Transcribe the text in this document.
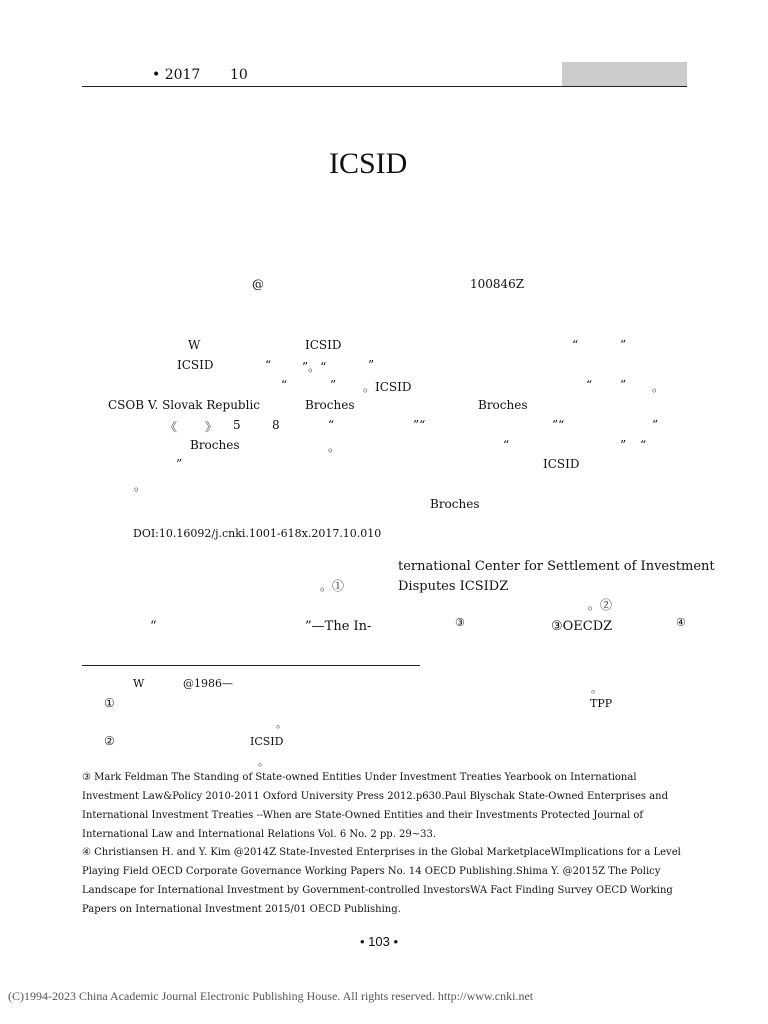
• 2017 10
ICSID
@	100846Z
W	ICSID	“	”
ICSID	“	”。“	”
“	” 。ICSID	“ ” 。
CSOB V. Slovak Republic	Broches	Broches
《 》 5	8	“	”“	”“	”
Broches	。	“	” “
”	ICSID
。
Broches
DOI:10.16092/j.cnki.1001-618x.2017.10.010
ternational Center for Settlement of Investment
。①	Disputes ICSIDZ
。②
“	”—The In-	③	③OECDZ	④
W	@1986—	。
①	TPP
。
②	ICSID
。
③ Mark Feldman The Standing of State-owned Entities Under Investment Treaties Yearbook on International Investment Law&Policy 2010-2011 Oxford University Press 2012.p630.Paul Blyschak State-Owned Enterprises and International Investment Treaties --When are State-Owned Entities and their Investments Protected Journal of International Law and International Relations Vol. 6 No. 2 pp. 29~33.
④ Christiansen H. and Y. Kim @2014Z State-Invested Enterprises in the Global MarketplaceWImplications for a Level Playing Field OECD Corporate Governance Working Papers No. 14 OECD Publishing.Shima Y. @2015Z The Policy Landscape for International Investment by Government-controlled InvestorsWA Fact Finding Survey OECD Working Papers on International Investment 2015/01 OECD Publishing.
• 103 •
(C)1994-2023 China Academic Journal Electronic Publishing House. All rights reserved. http://www.cnki.net
